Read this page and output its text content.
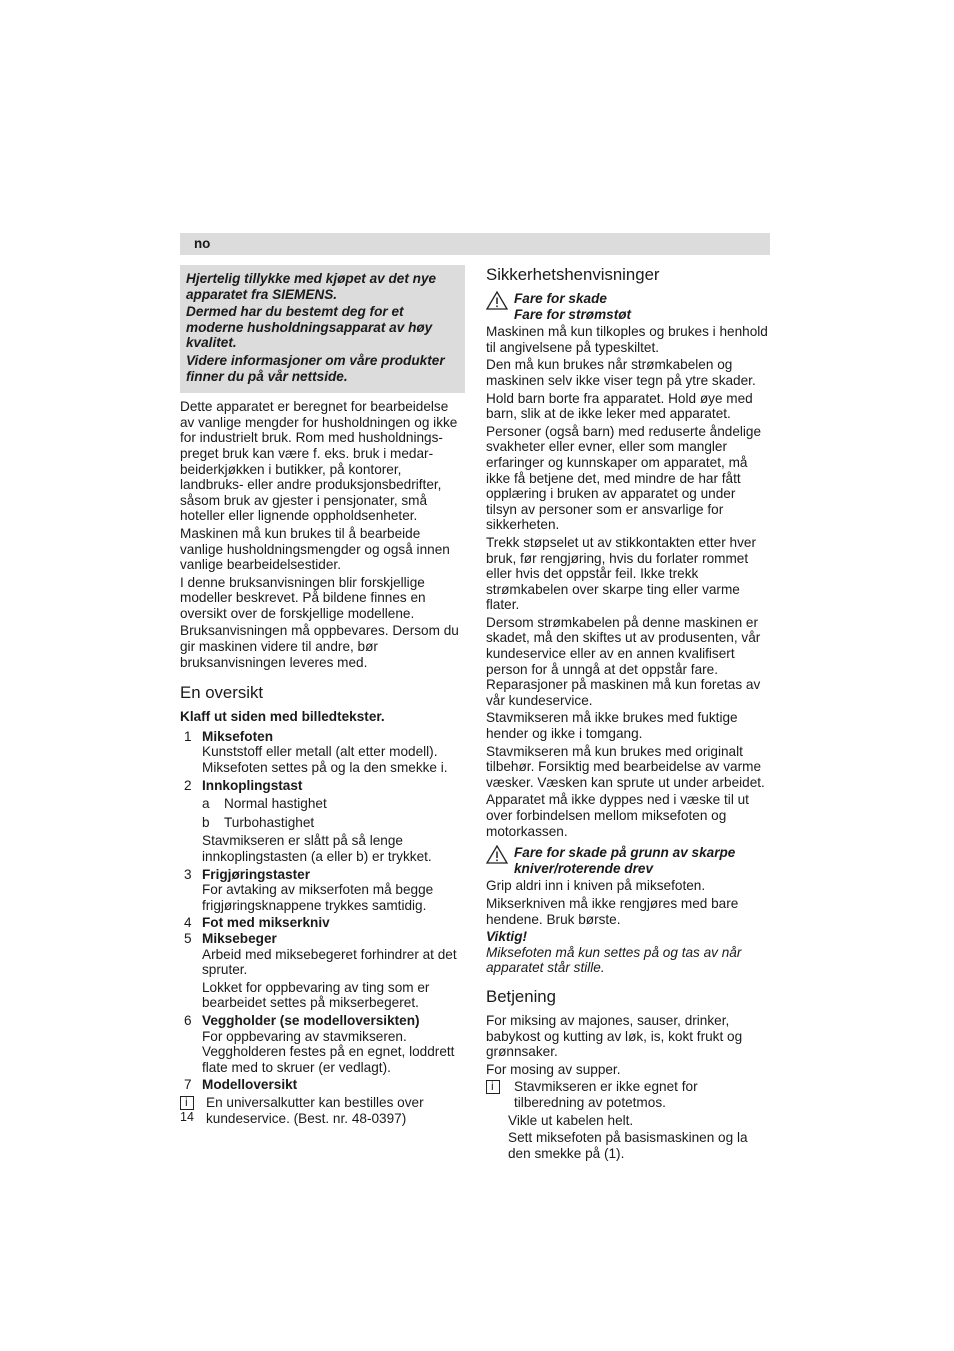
no

Hjertelig tillykke med kjøpet av det nye apparatet fra SIEMENS.

Dermed har du bestemt deg for et moderne husholdningsapparat av høy kvalitet.

Videre informasjoner om våre produkter finner du på vår nettside.

Dette apparatet er beregnet for bearbeidelse av vanlige mengder for husholdningen og ikke for industrielt bruk. Rom med husholdnings-preget bruk kan være f. eks. bruk i medar-beiderkjøkken i butikker, på kontorer, landbruks- eller andre produksjonsbedrifter, såsom bruk av gjester i pensjonater, små hoteller eller lignende oppholdsenheter.

Maskinen må kun brukes til å bearbeide vanlige husholdningsmengder og også innen vanlige bearbeidelsestider.

I denne bruksanvisningen blir forskjellige modeller beskrevet. På bildene finnes en oversikt over de forskjellige modellene.

Bruksanvisningen må oppbevares. Dersom du gir maskinen videre til andre, bør bruksanvisningen leveres med.

En oversikt
Klaff ut siden med billedtekster.
1 Miksefoten
Kunststoff eller metall (alt etter modell). Miksefoten settes på og la den smekke i.
2 Innkoplingstast
a	Normal hastighet
b	Turbohastighet
Stavmikseren er slått på så lenge innkoplingstasten (a eller b) er trykket.
3 Frigjøringstaster
For avtaking av mikserfoten må begge frigjøringsknappene trykkes samtidig.
4 Fot med mikserkniv
5 Miksebeger
Arbeid med miksebegeret forhindrer at det spruter.
Lokket for oppbevaring av ting som er bearbeidet settes på mikserbegeret.
6 Veggholder (se modelloversikten)
For oppbevaring av stavmikseren. Veggholderen festes på en egnet, loddrett flate med to skruer (er vedlagt).
7 Modelloversikt
i
En universalkutter kan bestilles over kundeservice. (Best. nr. 48-0397)
Sikkerhetshenvisninger
Fare for skade
Fare for strømstøt

Maskinen må kun tilkoples og brukes i henhold til angivelsene på typeskiltet.

Den må kun brukes når strømkabelen og maskinen selv ikke viser tegn på ytre skader.

Hold barn borte fra apparatet. Hold øye med barn, slik at de ikke leker med apparatet.

Personer (også barn) med reduserte åndelige svakheter eller evner, eller som mangler erfaringer og kunnskaper om apparatet, må ikke få betjene det, med mindre de har fått opplæring i bruken av apparatet og under tilsyn av personer som er ansvarlige for sikkerheten.

Trekk støpselet ut av stikkontakten etter hver bruk, før rengjøring, hvis du forlater rommet eller hvis det oppstår feil. Ikke trekk strømkabelen over skarpe ting eller varme flater.

Dersom strømkabelen på denne maskinen er skadet, må den skiftes ut av produsenten, vår kundeservice eller av en annen kvalifisert person for å unngå at det oppstår fare. Reparasjoner på maskinen må kun foretas av vår kundeservice.

Stavmikseren må ikke brukes med fuktige hender og ikke i tomgang.

Stavmikseren må kun brukes med originalt tilbehør. Forsiktig med bearbeidelse av varme væsker. Væsken kan sprute ut under arbeidet.

Apparatet må ikke dyppes ned i væske til ut over forbindelsen mellom miksefoten og motorkassen.

Fare for skade på grunn av skarpe kniver/roterende drev

Grip aldri inn i kniven på miksefoten.

Mikserkniven må ikke rengjøres med bare hendene. Bruk børste.

Viktig!

Miksefoten må kun settes på og tas av når apparatet står stille.

Betjening

For miksing av majones, sauser, drinker, babykost og kutting av løk, is, kokt frukt og grønnsaker.

For mosing av supper.

i
Stavmikseren er ikke egnet for tilberedning av potetmos.

Vikle ut kabelen helt.

Sett miksefoten på basismaskinen og la den smekke på (1).

14
